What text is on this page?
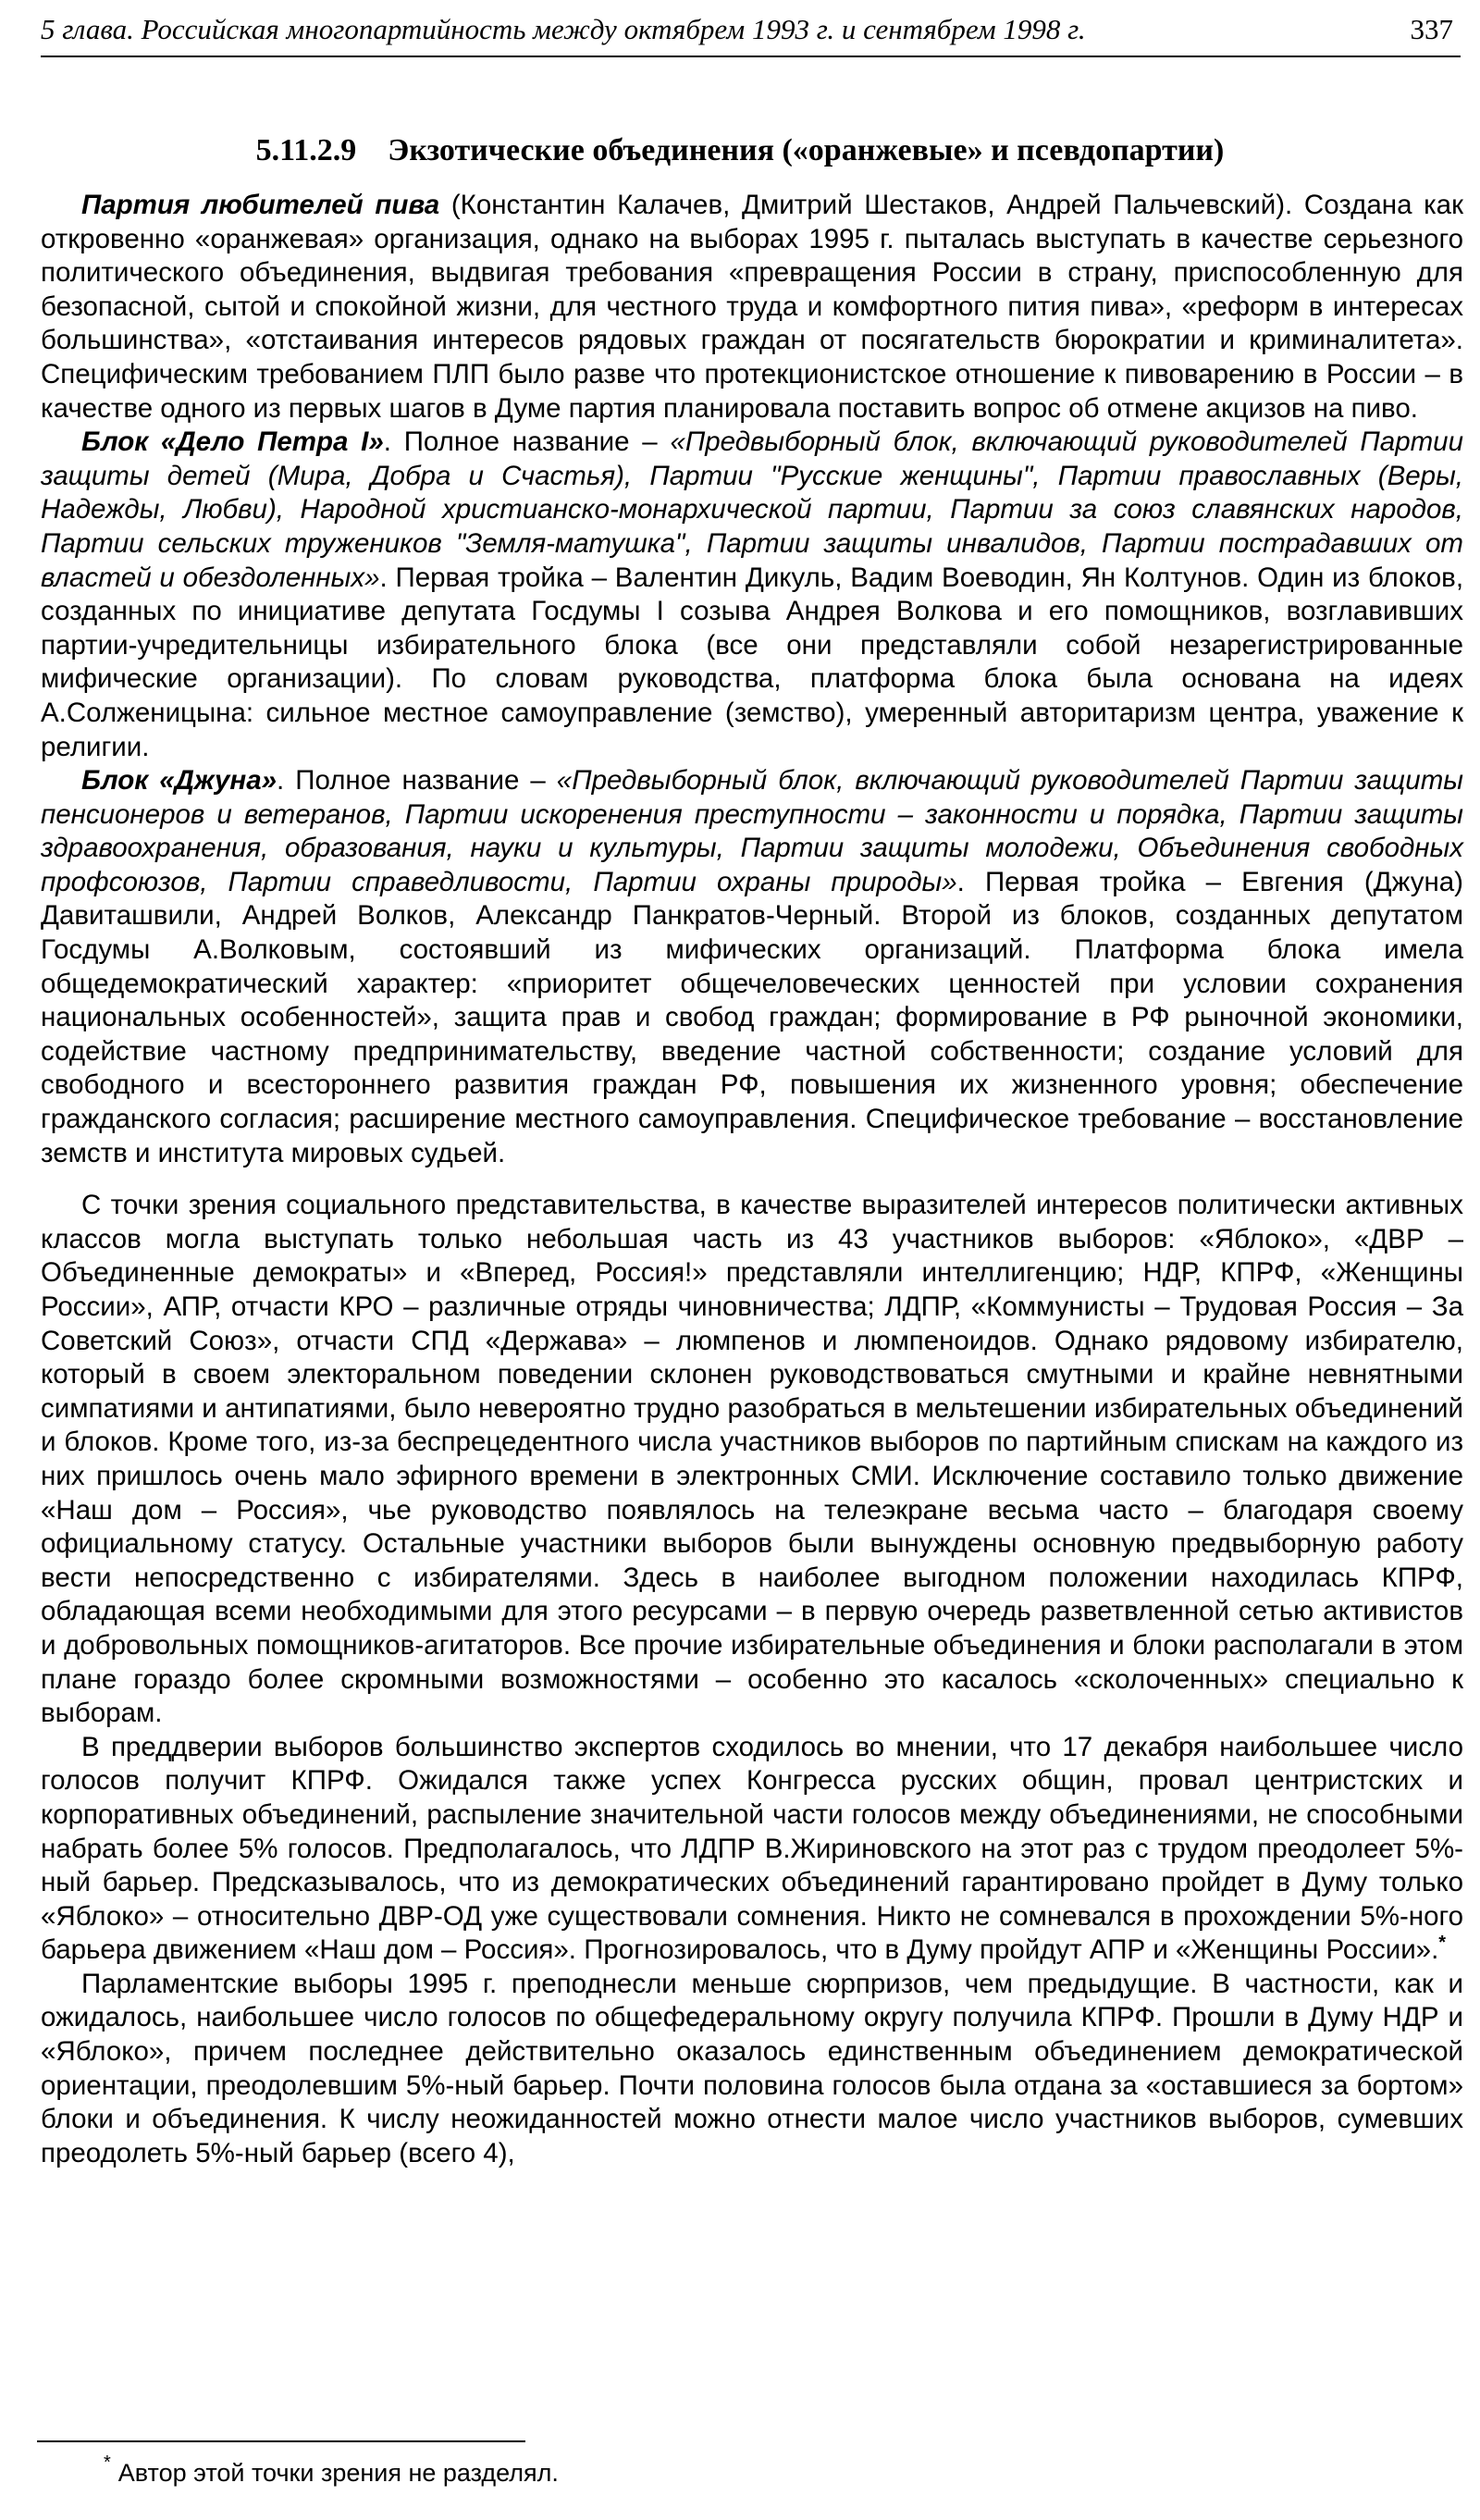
5 глава. Российская многопартийность между октябрем 1993 г. и сентябрем 1998 г.	337
5.11.2.9 Экзотические объединения («оранжевые» и псевдопартии)

Партия любителей пива (Константин Калачев, Дмитрий Шестаков, Андрей Пальчевский). Создана как откровенно «оранжевая» организация, однако на выборах 1995 г. пыталась выступать в качестве серьезного политического объединения, выдвигая требования «превращения России в страну, приспособленную для безопасной, сытой и спокойной жизни, для честного труда и комфортного пития пива», «реформ в интересах большинства», «отстаивания интересов рядовых граждан от посягательств бюрократии и криминалитета». Специфическим требованием ПЛП было разве что протекционистское отношение к пивоварению в России – в качестве одного из первых шагов в Думе партия планировала поставить вопрос об отмене акцизов на пиво.

Блок «Дело Петра I». Полное название – «Предвыборный блок, включающий руководителей Партии защиты детей (Мира, Добра и Счастья), Партии "Русские женщины", Партии православных (Веры, Надежды, Любви), Народной христианско-монархической партии, Партии за союз славянских народов, Партии сельских тружеников "Земля-матушка", Партии защиты инвалидов, Партии пострадавших от властей и обездоленных». Первая тройка – Валентин Дикуль, Вадим Воеводин, Ян Колтунов. Один из блоков, созданных по инициативе депутата Госдумы I созыва Андрея Волкова и его помощников, возглавивших партии-учредительницы избирательного блока (все они представляли собой незарегистрированные мифические организации). По словам руководства, платформа блока была основана на идеях А.Солженицына: сильное местное самоуправление (земство), умеренный авторитаризм центра, уважение к религии.

Блок «Джуна». Полное название – «Предвыборный блок, включающий руководителей Партии защиты пенсионеров и ветеранов, Партии искоренения преступности – законности и порядка, Партии защиты здравоохранения, образования, науки и культуры, Партии защиты молодежи, Объединения свободных профсоюзов, Партии справедливости, Партии охраны природы». Первая тройка – Евгения (Джуна) Давиташвили, Андрей Волков, Александр Панкратов-Черный. Второй из блоков, созданных депутатом Госдумы А.Волковым, состоявший из мифических организаций. Платформа блока имела общедемократический характер: «приоритет общечеловеческих ценностей при условии сохранения национальных особенностей», защита прав и свобод граждан; формирование в РФ рыночной экономики, содействие частному предпринимательству, введение частной собственности; создание условий для свободного и всестороннего развития граждан РФ, повышения их жизненного уровня; обеспечение гражданского согласия; расширение местного самоуправления. Специфическое требование – восстановление земств и института мировых судьей.

С точки зрения социального представительства, в качестве выразителей интересов политически активных классов могла выступать только небольшая часть из 43 участников выборов: «Яблоко», «ДВР – Объединенные демократы» и «Вперед, Россия!» представляли интеллигенцию; НДР, КПРФ, «Женщины России», АПР, отчасти КРО – различные отряды чиновничества; ЛДПР, «Коммунисты – Трудовая Россия – За Советский Союз», отчасти СПД «Держава» – люмпенов и люмпеноидов. Однако рядовому избирателю, который в своем электоральном поведении склонен руководствоваться смутными и крайне невнятными симпатиями и антипатиями, было невероятно трудно разобраться в мельтешении избирательных объединений и блоков. Кроме того, из-за беспрецедентного числа участников выборов по партийным спискам на каждого из них пришлось очень мало эфирного времени в электронных СМИ. Исключение составило только движение «Наш дом – Россия», чье руководство появлялось на телеэкране весьма часто – благодаря своему официальному статусу. Остальные участники выборов были вынуждены основную предвыборную работу вести непосредственно с избирателями. Здесь в наиболее выгодном положении находилась КПРФ, обладающая всеми необходимыми для этого ресурсами – в первую очередь разветвленной сетью активистов и добровольных помощников-агитаторов. Все прочие избирательные объединения и блоки располагали в этом плане гораздо более скромными возможностями – особенно это касалось «сколоченных» специально к выборам.

В преддверии выборов большинство экспертов сходилось во мнении, что 17 декабря наибольшее число голосов получит КПРФ. Ожидался также успех Конгресса русских общин, провал центристских и корпоративных объединений, распыление значительной части голосов между объединениями, не способными набрать более 5% голосов. Предполагалось, что ЛДПР В.Жириновского на этот раз с трудом преодолеет 5%-ный барьер. Предсказывалось, что из демократических объединений гарантировано пройдет в Думу только «Яблоко» – относительно ДВР-ОД уже существовали сомнения. Никто не сомневался в прохождении 5%-ного барьера движением «Наш дом – Россия». Прогнозировалось, что в Думу пройдут АПР и «Женщины России».*

Парламентские выборы 1995 г. преподнесли меньше сюрпризов, чем предыдущие. В частности, как и ожидалось, наибольшее число голосов по общефедеральному округу получила КПРФ. Прошли в Думу НДР и «Яблоко», причем последнее действительно оказалось единственным объединением демократической ориентации, преодолевшим 5%-ный барьер. Почти половина голосов была отдана за «оставшиеся за бортом» блоки и объединения. К числу неожиданностей можно отнести малое число участников выборов, сумевших преодолеть 5%-ный барьер (всего 4),

* Автор этой точки зрения не разделял.
